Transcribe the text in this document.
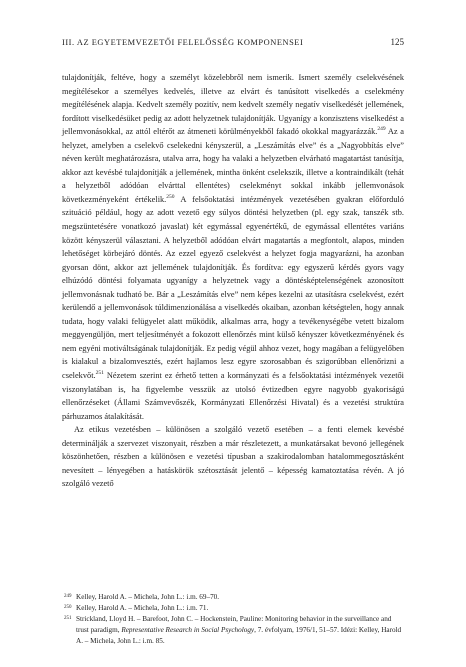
III. AZ EGYETEMVEZETŐI FELELŐSSÉG KOMPONENSEI	125

tulajdonítják, feltéve, hogy a személyt közelebbről nem ismerik. Ismert személy cselekvésének megítélésekor a személyes kedvelés, illetve az elvárt és tanúsított viselkedés a cselekmény megítélésének alapja. Kedvelt személy pozitív, nem kedvelt személy negatív viselkedését jellemének, fordított viselkedésüket pedig az adott helyzetnek tulajdonítják. Ugyanígy a konzisztens viselkedést a jellemvonásokkal, az attól eltérőt az átmeneti körülményekből fakadó okokkal magyarázzák.$^{249}$ Az a helyzet, amelyben a cselekvő cselekedni kényszerül, a „Leszámítás elve” és a „Nagyobbítás elve” néven került meghatározásra, utalva arra, hogy ha valaki a helyzetben elvárható magatartást tanúsítja, akkor azt kevésbé tulajdonítják a jellemének, mintha önként cselekszik, illetve a kontraindikált (tehát a helyzetből adódóan elvárttal ellentétes) cselekményt sokkal inkább jellemvonások következményeként értékelik.$^{250}$ A felsőoktatási intézmények vezetésében gyakran előforduló szituáció például, hogy az adott vezető egy súlyos döntési helyzetben (pl. egy szak, tanszék stb. megszüntetésére vonatkozó javaslat) két egymással egyenértékű, de egymással ellentétes variáns között kényszerül választani. A helyzetből adódóan elvárt magatartás a megfontolt, alapos, minden lehetőséget körbejáró döntés. Az ezzel egyező cselekvést a helyzet fogja magyarázni, ha azonban gyorsan dönt, akkor azt jellemének tulajdonítják. És fordítva: egy egyszerű kérdés gyors vagy elhúzódó döntési folyamata ugyanígy a helyzetnek vagy a döntésképtelenségének azonosított jellemvonásnak tudható be. Bár a „Leszámítás elve” nem képes kezelni az utasításra cselekvést, ezért kerülendő a jellemvonások túldimenzionálása a viselkedés okaiban, azonban kétségtelen, hogy annak tudata, hogy valaki felügyelet alatt működik, alkalmas arra, hogy a tevékenységébe vetett bizalom meggyengüljön, mert teljesítményét a fokozott ellenőrzés mint külső kényszer következményének és nem egyéni motiváltságának tulajdonítják. Ez pedig végül ahhoz vezet, hogy magában a felügyelőben is kialakul a bizalomvesztés, ezért hajlamos lesz egyre szorosabban és szigorúbban ellenőrizni a cselekvőt.$^{251}$ Nézetem szerint ez érhető tetten a kormányzati és a felsőoktatási intézmények vezetői viszonylatában is, ha figyelembe vesszük az utolsó évtizedben egyre nagyobb gyakoriságú ellenőrzéseket (Állami Számvevőszék, Kormányzati Ellenőrzési Hivatal) és a vezetési struktúra párhuzamos átalakítását.

Az etikus vezetésben – különösen a szolgáló vezető esetében – a fenti elemek kevésbé determinálják a szervezet viszonyait, részben a már részletezett, a munkatársakat bevonó jellegének köszönhetően, részben a különösen e vezetési típusban a szakirodalomban hatalommegosztásként nevesített – lényegében a hatáskörök szétosztását jelentő – képesség kamatoztatása révén. A jó szolgáló vezető

249 Kelley, Harold A. – Michela, John L.: i.m. 69–70.
250 Kelley, Harold A. – Michela, John L.: i.m. 71.
251 Strickland, Lloyd H. – Barefoot, John C. – Hockenstein, Pauline: Monitoring behavior in the surveillance and trust paradigm, Representative Research in Social Psychology, 7. évfolyam, 1976/1, 51–57. Idézi: Kelley, Harold A. – Michela, John L.: i.m. 85.
